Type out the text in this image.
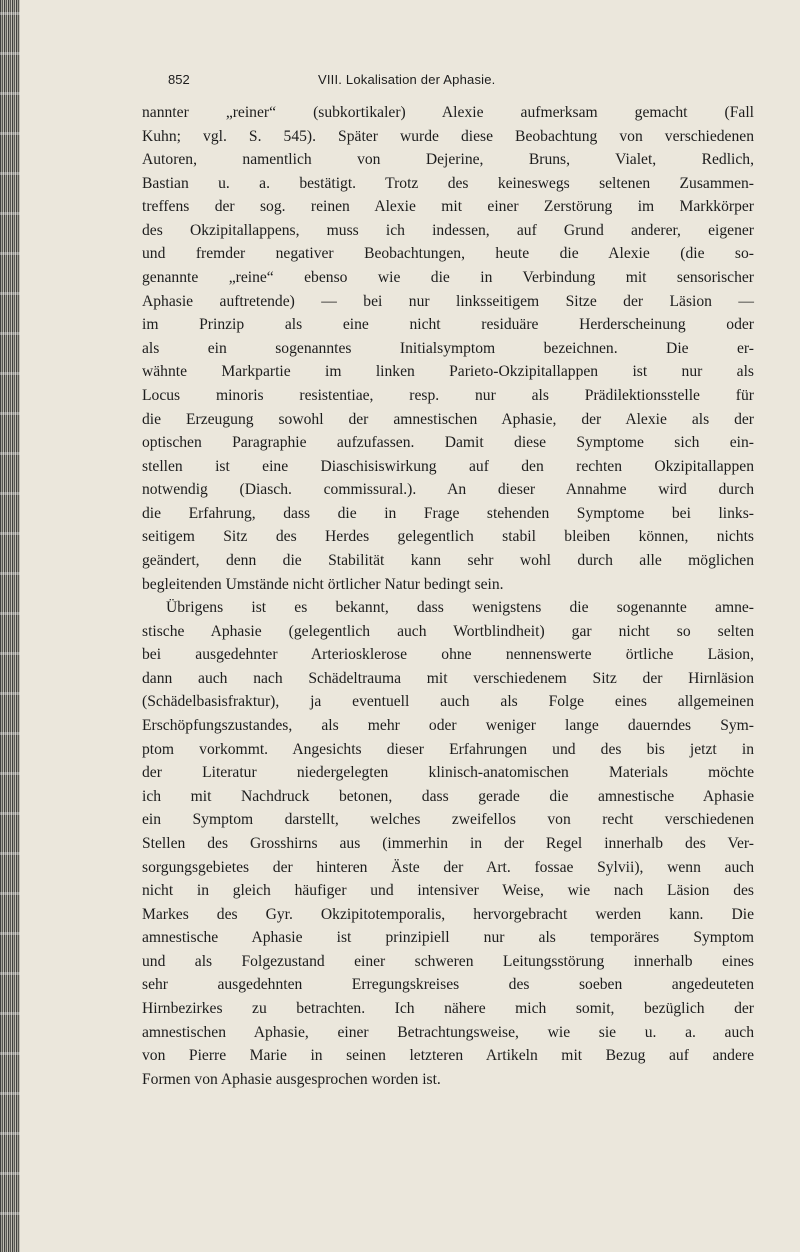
852	VIII. Lokalisation der Aphasie.

nannter „reiner“ (subkortikaler) Alexie aufmerksam gemacht (Fall
Kuhn; vgl. S. 545). Später wurde diese Beobachtung von verschiedenen
Autoren, namentlich von Dejerine, Bruns, Vialet, Redlich,
Bastian u. a. bestätigt. Trotz des keineswegs seltenen Zusammen-
treffens der sog. reinen Alexie mit einer Zerstörung im Markkörper
des Okzipitallappens, muss ich indessen, auf Grund anderer, eigener
und fremder negativer Beobachtungen, heute die Alexie (die so-
genannte „reine“ ebenso wie die in Verbindung mit sensorischer
Aphasie auftretende) — bei nur linksseitigem Sitze der Läsion —
im Prinzip als eine nicht residuäre Herderscheinung oder
als ein sogenanntes Initialsymptom bezeichnen. Die er-
wähnte Markpartie im linken Parieto-Okzipitallappen ist nur als
Locus minoris resistentiae, resp. nur als Prädilektionsstelle für
die Erzeugung sowohl der amnestischen Aphasie, der Alexie als der
optischen Paragraphie aufzufassen. Damit diese Symptome sich ein-
stellen ist eine Diaschisiswirkung auf den rechten Okzipitallappen
notwendig (Diasch. commissural.). An dieser Annahme wird durch
die Erfahrung, dass die in Frage stehenden Symptome bei links-
seitigem Sitz des Herdes gelegentlich stabil bleiben können, nichts
geändert, denn die Stabilität kann sehr wohl durch alle möglichen
begleitenden Umstände nicht örtlicher Natur bedingt sein.

Übrigens ist es bekannt, dass wenigstens die sogenannte amne-
stische Aphasie (gelegentlich auch Wortblindheit) gar nicht so selten
bei ausgedehnter Arteriosklerose ohne nennenswerte örtliche Läsion,
dann auch nach Schädeltrauma mit verschiedenem Sitz der Hirnläsion
(Schädelbasisfraktur), ja eventuell auch als Folge eines allgemeinen
Erschöpfungszustandes, als mehr oder weniger lange dauerndes Sym-
ptom vorkommt. Angesichts dieser Erfahrungen und des bis jetzt in
der Literatur niedergelegten klinisch-anatomischen Materials möchte
ich mit Nachdruck betonen, dass gerade die amnestische Aphasie
ein Symptom darstellt, welches zweifellos von recht verschiedenen
Stellen des Grosshirns aus (immerhin in der Regel innerhalb des Ver-
sorgungsgebietes der hinteren Äste der Art. fossae Sylvii), wenn auch
nicht in gleich häufiger und intensiver Weise, wie nach Läsion des
Markes des Gyr. Okzipitotemporalis, hervorgebracht werden kann. Die
amnestische Aphasie ist prinzipiell nur als temporäres Symptom
und als Folgezustand einer schweren Leitungsstörung innerhalb eines
sehr ausgedehnten Erregungskreises des soeben angedeuteten
Hirnbezirkes zu betrachten. Ich nähere mich somit, bezüglich der
amnestischen Aphasie, einer Betrachtungsweise, wie sie u. a. auch
von Pierre Marie in seinen letzteren Artikeln mit Bezug auf andere
Formen von Aphasie ausgesprochen worden ist.
